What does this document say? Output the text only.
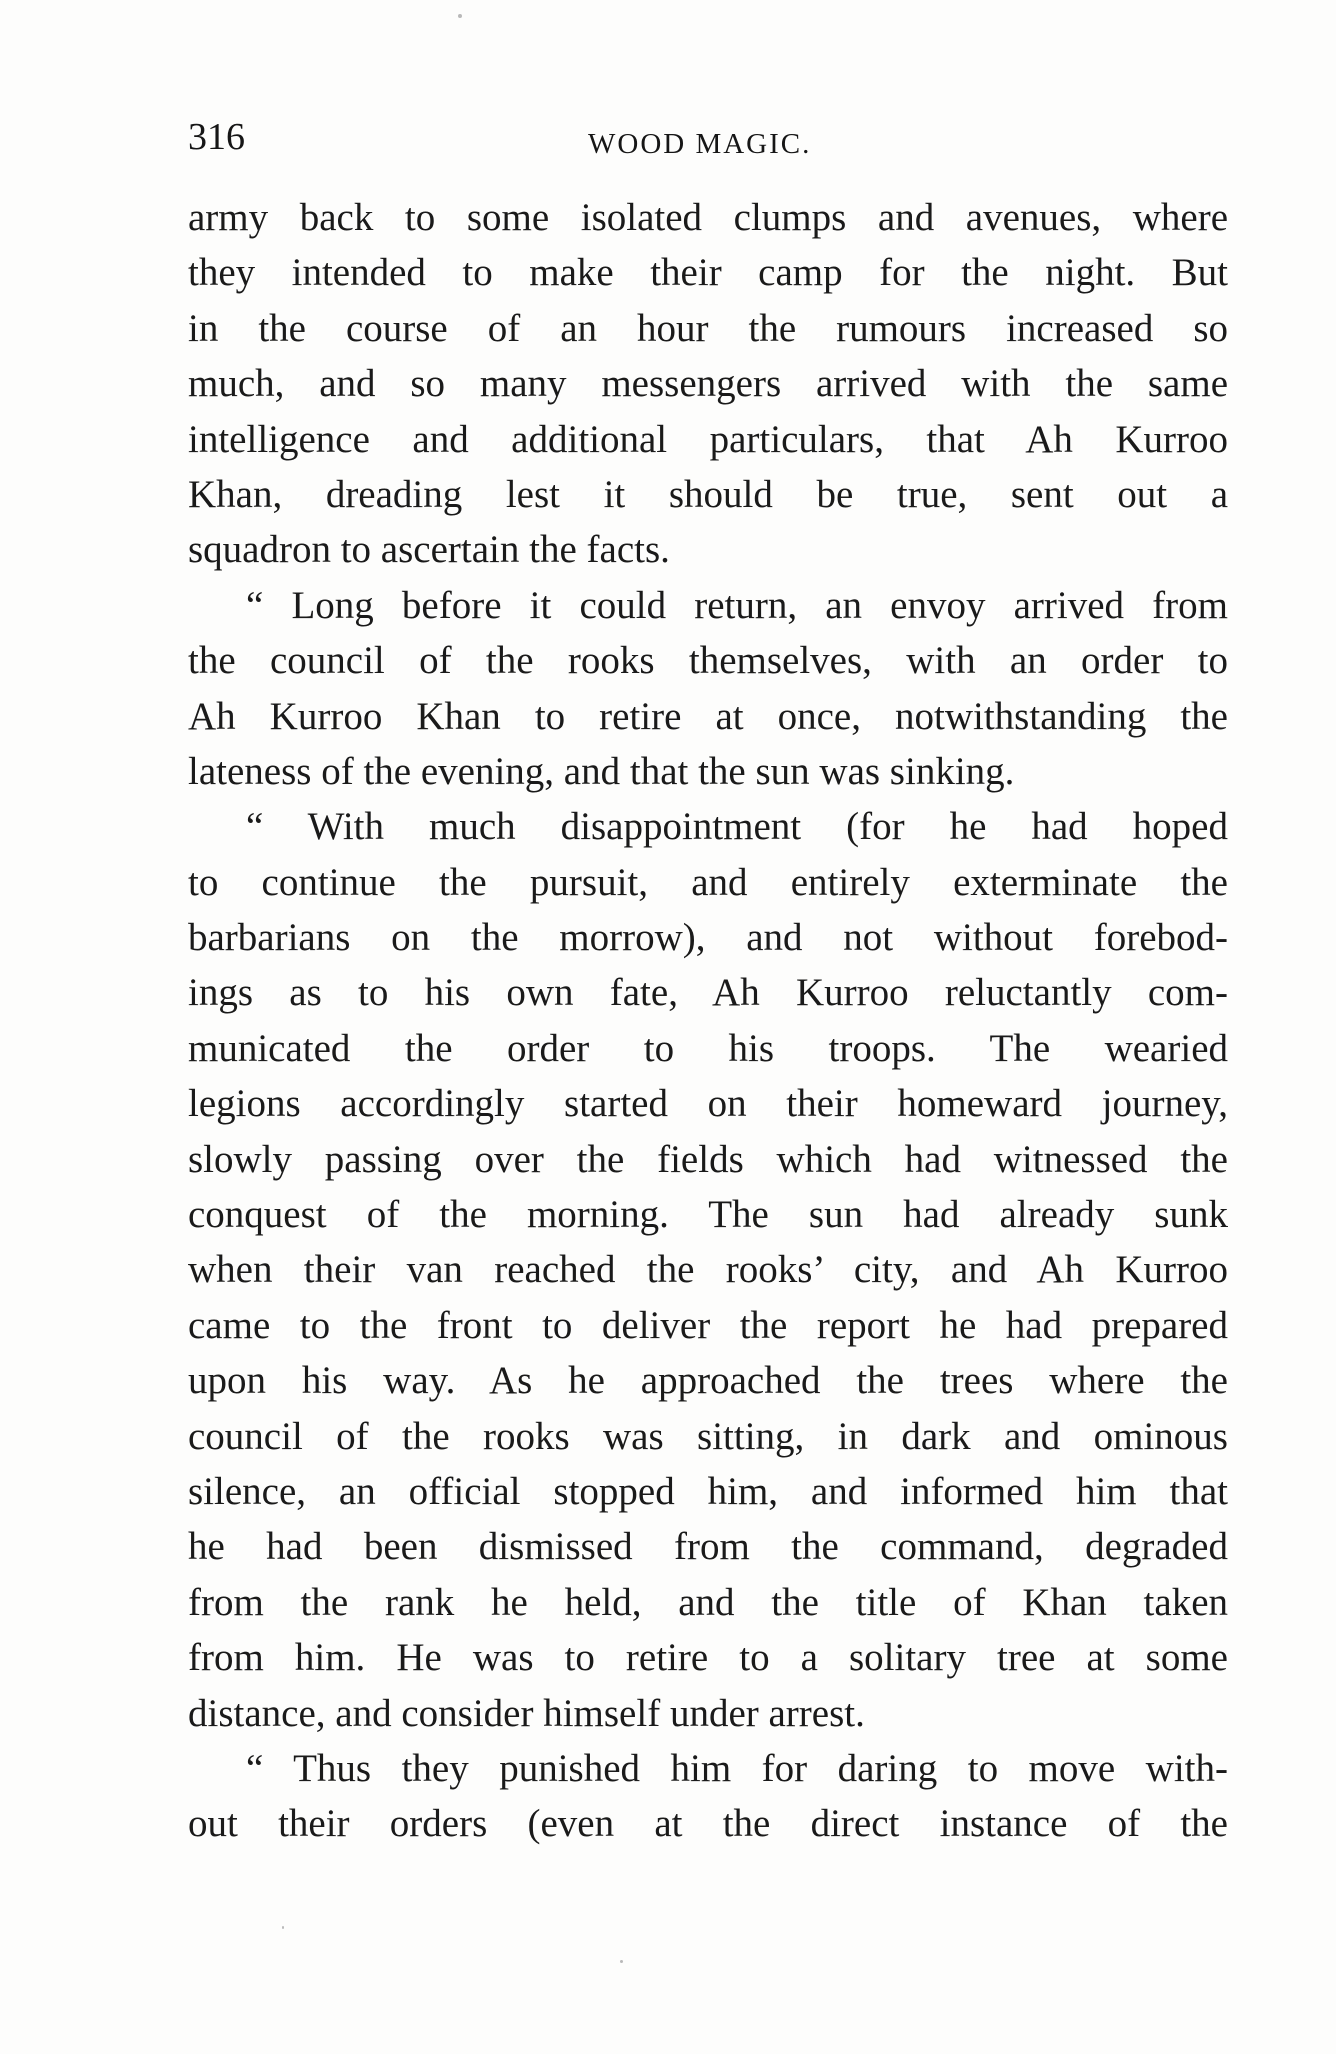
316	WOOD MAGIC.
army back to some isolated clumps and avenues, where
they intended to make their camp for the night. But
in the course of an hour the rumours increased so
much, and so many messengers arrived with the same
intelligence and additional particulars, that Ah Kurroo
Khan, dreading lest it should be true, sent out a
squadron to ascertain the facts.
“ Long before it could return, an envoy arrived from
the council of the rooks themselves, with an order to
Ah Kurroo Khan to retire at once, notwithstanding the
lateness of the evening, and that the sun was sinking.
“ With much disappointment (for he had hoped
to continue the pursuit, and entirely exterminate the
barbarians on the morrow), and not without forebod-
ings as to his own fate, Ah Kurroo reluctantly com-
municated the order to his troops. The wearied
legions accordingly started on their homeward journey,
slowly passing over the fields which had witnessed the
conquest of the morning. The sun had already sunk
when their van reached the rooks’ city, and Ah Kurroo
came to the front to deliver the report he had prepared
upon his way. As he approached the trees where the
council of the rooks was sitting, in dark and ominous
silence, an official stopped him, and informed him that
he had been dismissed from the command, degraded
from the rank he held, and the title of Khan taken
from him. He was to retire to a solitary tree at some
distance, and consider himself under arrest.
“ Thus they punished him for daring to move with-
out their orders (even at the direct instance of the
